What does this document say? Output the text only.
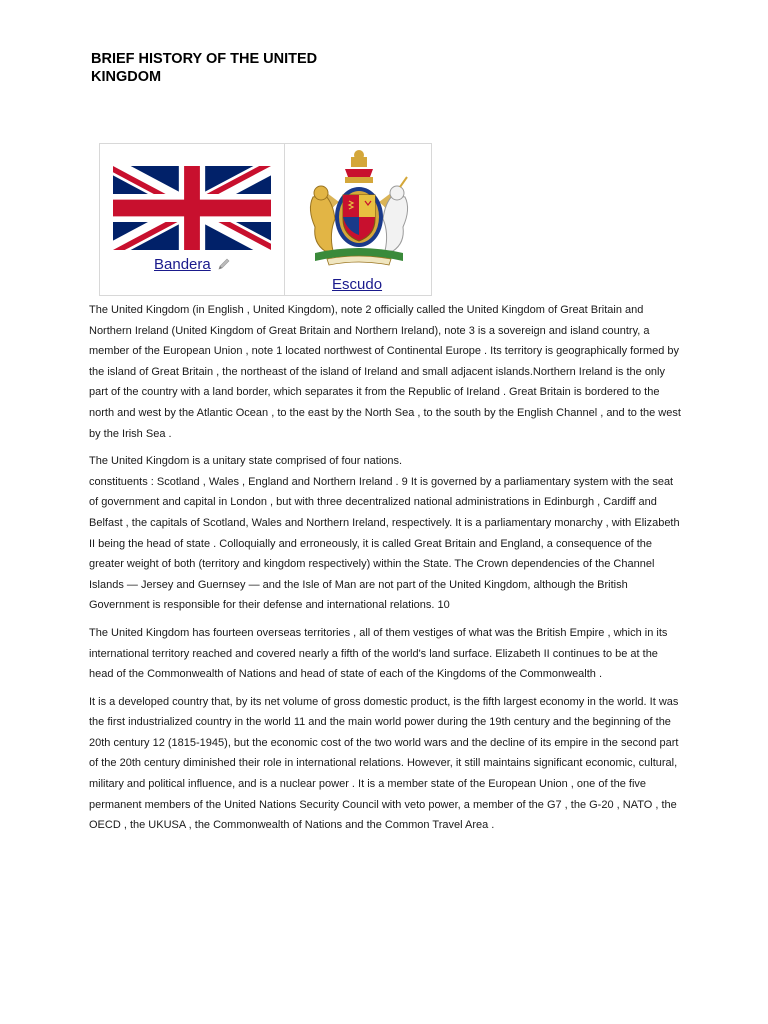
BRIEF HISTORY OF THE UNITED KINGDOM
Bandera
Escudo

The United Kingdom (in English , United Kingdom), note 2 officially called the United Kingdom of Great Britain and Northern Ireland (United Kingdom of Great Britain and Northern Ireland), note 3 is a sovereign and island country, a member of the European Union , note 1 located northwest of Continental Europe . Its territory is geographically formed by the island of Great Britain , the northeast of the island of Ireland and small adjacent islands.Northern Ireland is the only part of the country with a land border, which separates it from the Republic of Ireland . Great Britain is bordered to the north and west by the Atlantic Ocean , to the east by the North Sea , to the south by the English Channel , and to the west by the Irish Sea .

The United Kingdom is a unitary state comprised of four nations.

constituents : Scotland , Wales , England and Northern Ireland . 9 It is governed by a parliamentary system with the seat of government and capital in London , but with three decentralized national administrations in Edinburgh , Cardiff and Belfast , the capitals of Scotland, Wales and Northern Ireland, respectively. It is a parliamentary monarchy , with Elizabeth II being the head of state . Colloquially and erroneously, it is called Great Britain and England, a consequence of the greater weight of both (territory and kingdom respectively) within the State. The Crown dependencies of the Channel Islands — Jersey and Guernsey — and the Isle of Man are not part of the United Kingdom, although the British Government is responsible for their defense and international relations. 10

The United Kingdom has fourteen overseas territories , all of them vestiges of what was the British Empire , which in its international territory reached and covered nearly a fifth of the world's land surface. Elizabeth II continues to be at the head of the Commonwealth of Nations and head of state of each of the Kingdoms of the Commonwealth .

It is a developed country that, by its net volume of gross domestic product, is the fifth largest economy in the world. It was the first industrialized country in the world 11 and the main world power during the 19th century and the beginning of the 20th century 12 (1815-1945), but the economic cost of the two world wars and the decline of its empire in the second part of the 20th century diminished their role in international relations. However, it still maintains significant economic, cultural, military and political influence, and is a nuclear power . It is a member state of the European Union , one of the five permanent members of the United Nations Security Council with veto power, a member of the G7 , the G-20 , NATO , the OECD , the UKUSA , the Commonwealth of Nations and the Common Travel Area .
